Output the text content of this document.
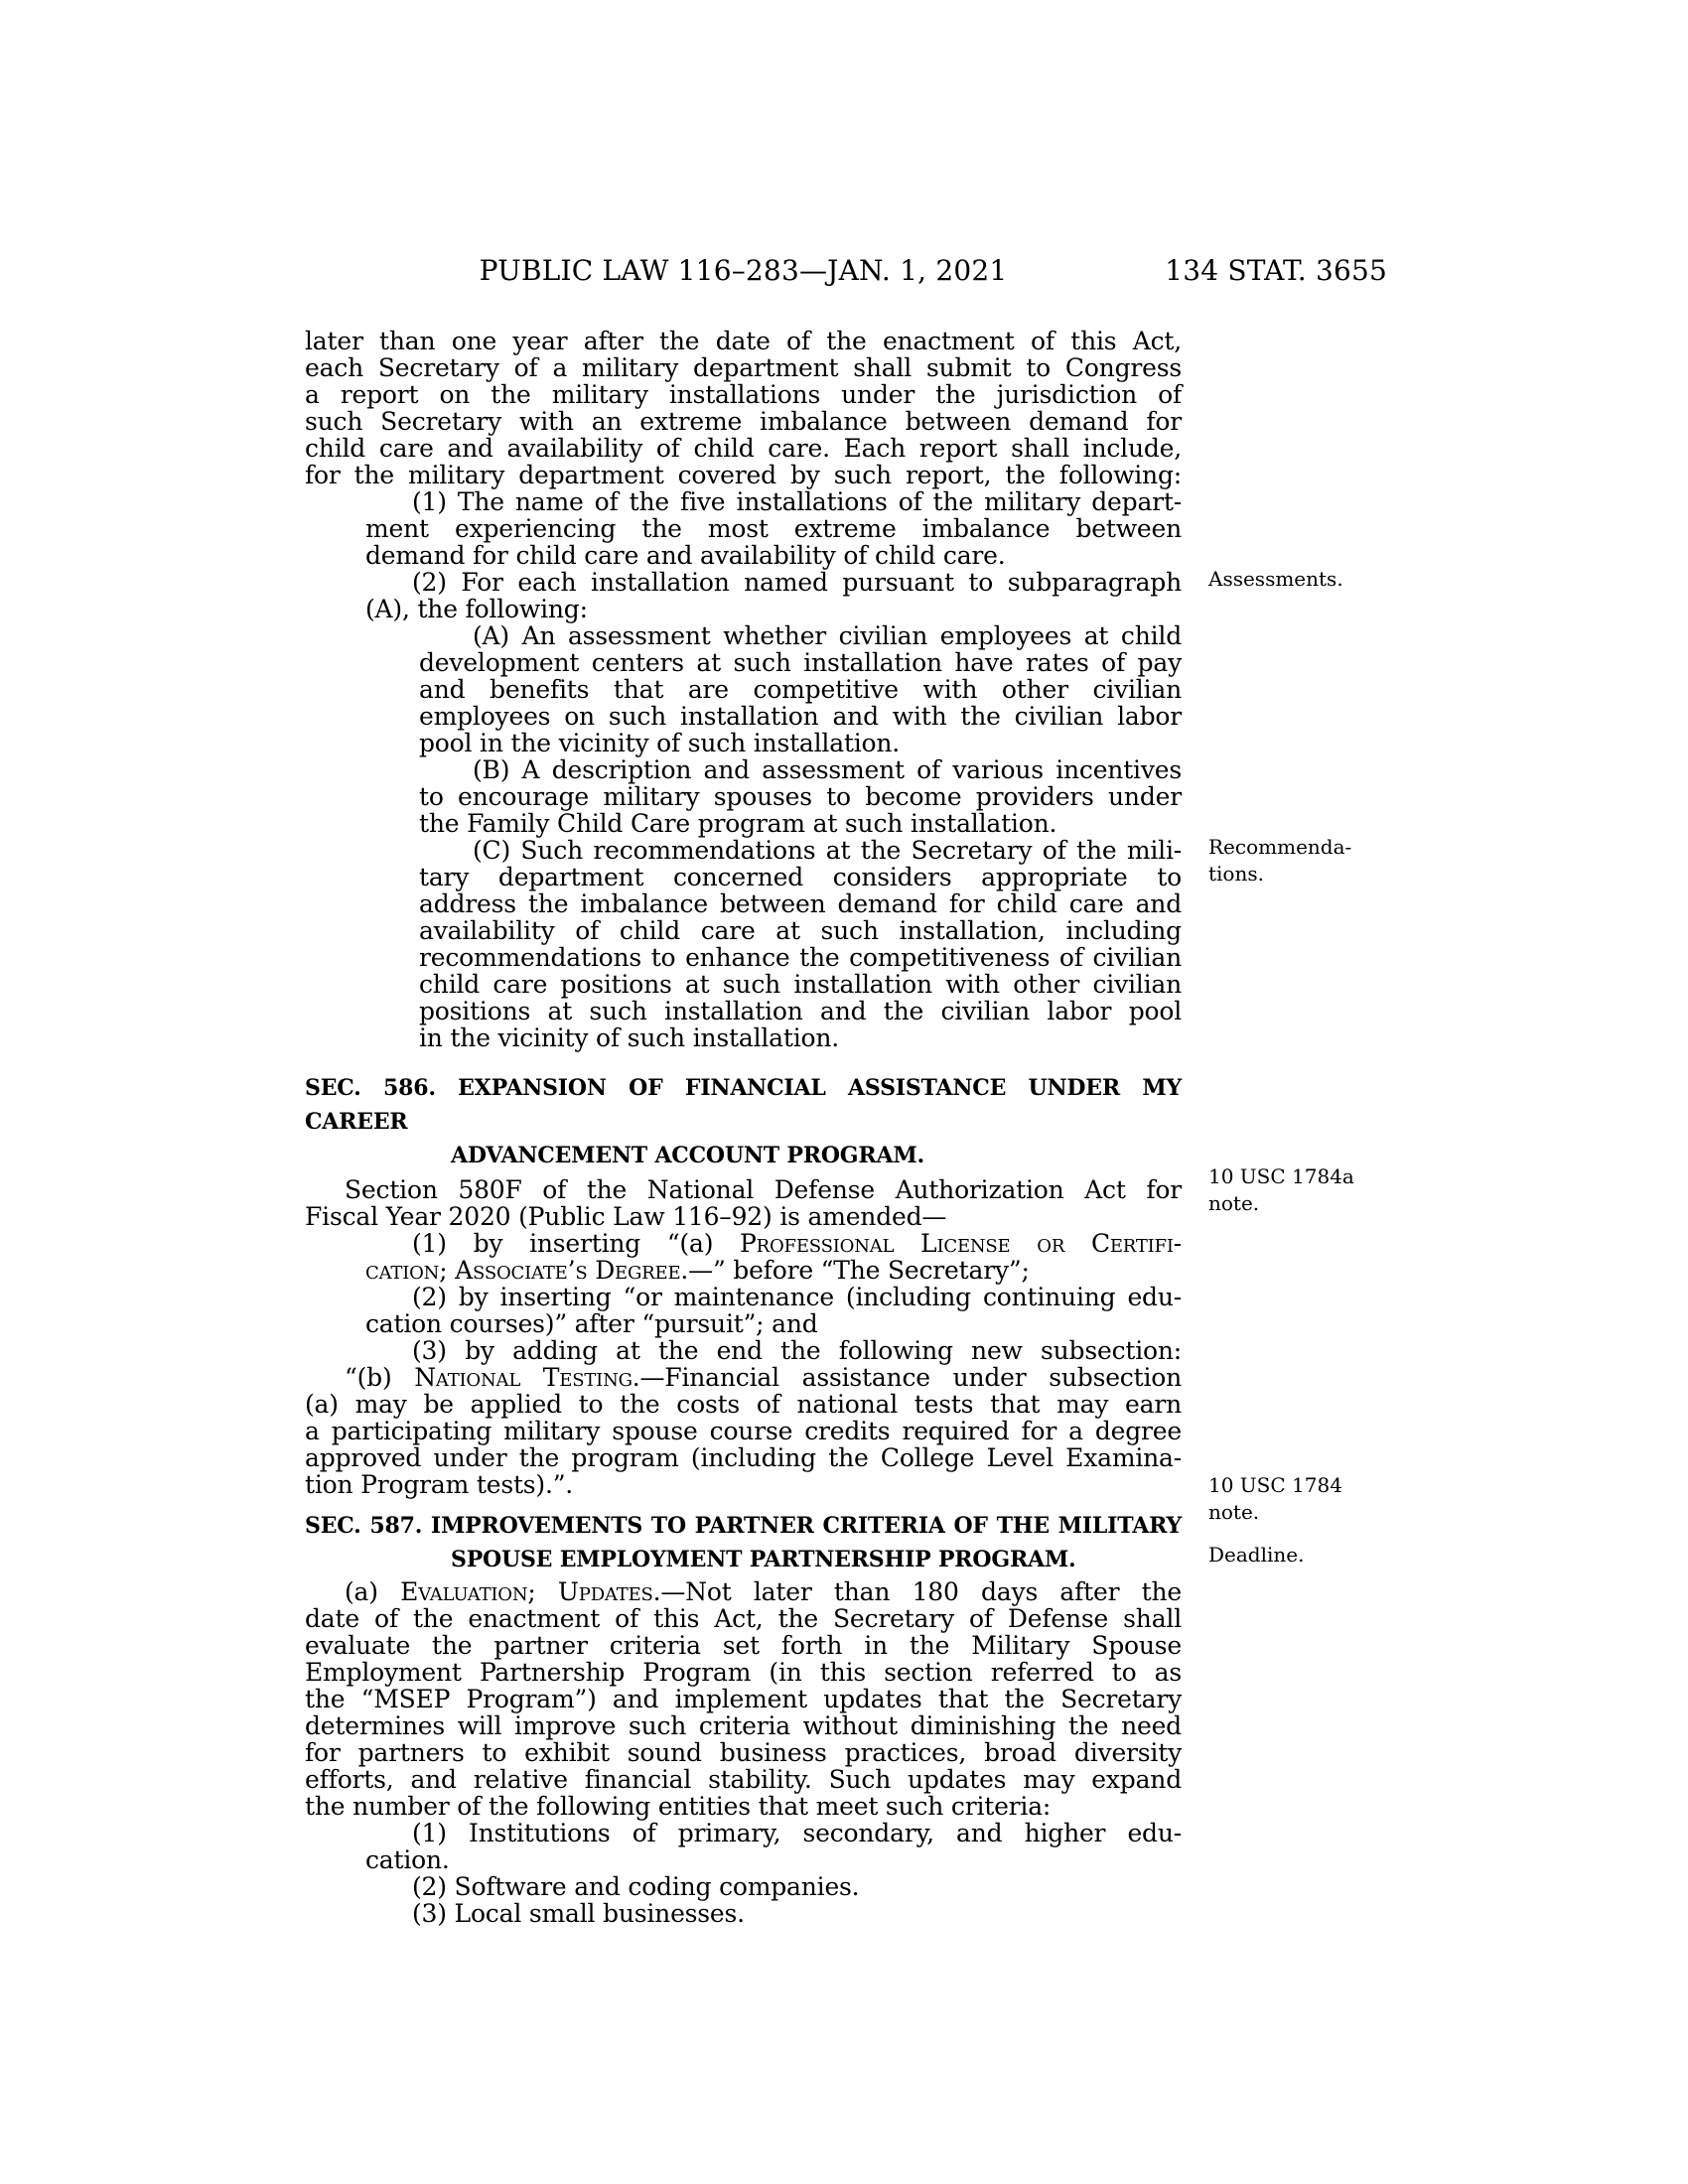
PUBLIC LAW 116–283—JAN. 1, 2021	134 STAT. 3655
later than one year after the date of the enactment of this Act,
each Secretary of a military department shall submit to Congress
a report on the military installations under the jurisdiction of
such Secretary with an extreme imbalance between demand for
child care and availability of child care. Each report shall include,
for the military department covered by such report, the following:
(1) The name of the five installations of the military depart-
ment experiencing the most extreme imbalance between
demand for child care and availability of child care.
(2) For each installation named pursuant to subparagraph
(A), the following:
(A) An assessment whether civilian employees at child
development centers at such installation have rates of pay
and benefits that are competitive with other civilian
employees on such installation and with the civilian labor
pool in the vicinity of such installation.
(B) A description and assessment of various incentives
to encourage military spouses to become providers under
the Family Child Care program at such installation.
(C) Such recommendations at the Secretary of the mili-
tary department concerned considers appropriate to
address the imbalance between demand for child care and
availability of child care at such installation, including
recommendations to enhance the competitiveness of civilian
child care positions at such installation with other civilian
positions at such installation and the civilian labor pool
in the vicinity of such installation.
SEC. 586. EXPANSION OF FINANCIAL ASSISTANCE UNDER MY CAREER
ADVANCEMENT ACCOUNT PROGRAM.
Section 580F of the National Defense Authorization Act for
Fiscal Year 2020 (Public Law 116–92) is amended—
(1) by inserting “(a) Professional License or Certifi-
cation; Associate’s Degree.—” before “The Secretary”;
(2) by inserting “or maintenance (including continuing edu-
cation courses)” after “pursuit”; and
(3) by adding at the end the following new subsection:
“(b) National Testing.—Financial assistance under subsection
(a) may be applied to the costs of national tests that may earn
a participating military spouse course credits required for a degree
approved under the program (including the College Level Examina-
tion Program tests).”.
SEC. 587. IMPROVEMENTS TO PARTNER CRITERIA OF THE MILITARY
SPOUSE EMPLOYMENT PARTNERSHIP PROGRAM.
(a) Evaluation; Updates.—Not later than 180 days after the
date of the enactment of this Act, the Secretary of Defense shall
evaluate the partner criteria set forth in the Military Spouse
Employment Partnership Program (in this section referred to as
the “MSEP Program”) and implement updates that the Secretary
determines will improve such criteria without diminishing the need
for partners to exhibit sound business practices, broad diversity
efforts, and relative financial stability. Such updates may expand
the number of the following entities that meet such criteria:
(1) Institutions of primary, secondary, and higher edu-
cation.
(2) Software and coding companies.
(3) Local small businesses.
Assessments.
Recommenda-
tions.
10 USC 1784a
note.
10 USC 1784
note.
Deadline.
